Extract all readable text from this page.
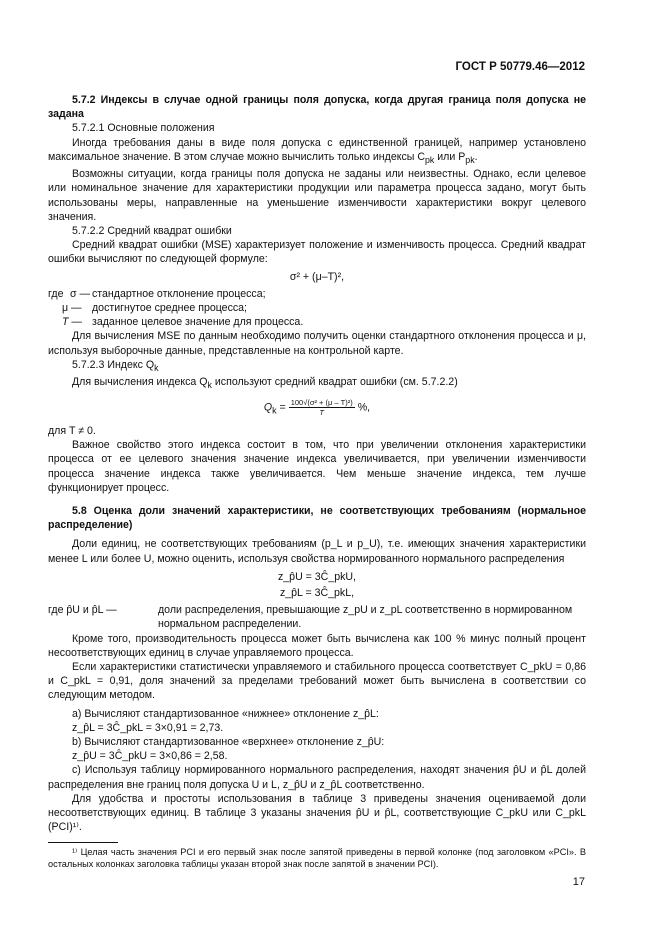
ГОСТ Р 50779.46—2012

5.7.2 Индексы в случае одной границы поля допуска, когда другая граница поля допуска не задана

5.7.2.1 Основные положения

Иногда требования даны в виде поля допуска с единственной границей, например установлено максимальное значение. В этом случае можно вычислить только индексы $C_{pk}$ или $P_{pk}$.

Возможны ситуации, когда границы поля допуска не заданы или неизвестны. Однако, если целевое или номинальное значение для характеристики продукции или параметра процесса задано, могут быть использованы меры, направленные на уменьшение изменчивости характеристики вокруг целевого значения.

5.7.2.2 Средний квадрат ошибки

Средний квадрат ошибки (MSE) характеризует положение и изменчивость процесса. Средний квадрат ошибки вычисляют по следующей формуле:

σ² + (μ–T)²,

где σ — стандартное отклонение процесса;
μ — достигнутое среднее процесса;
T — заданное целевое значение для процесса.

Для вычисления MSE по данным необходимо получить оценки стандартного отклонения процесса и μ, используя выборочные данные, представленные на контрольной карте.

5.7.2.3 Индекс $Q_k$

Для вычисления индекса $Q_k$ используют средний квадрат ошибки (см. 5.7.2.2)

$Q_k = \frac{\text{100√(σ² + (μ – T)²)}}{T}$ %,

для T ≠ 0.

Важное свойство этого индекса состоит в том, что при увеличении отклонения характеристики процесса от ее целевого значения значение индекса увеличивается, при увеличении изменчивости процесса значение индекса также увеличивается. Чем меньше значение индекса, тем лучше функционирует процесс.

5.8 Оценка доли значений характеристики, не соответствующих требованиям (нормальное распределение)

Доли единиц, не соответствующих требованиям (p_L и p_U), т.е. имеющих значения характеристики менее L или более U, можно оценить, используя свойства нормированного нормального распределения

z_p̂U = 3Ĉ_pkU,

z_p̂L = 3Ĉ_pkL,

где p̂U и p̂L —	доли распределения, превышающие z_pU и z_pL соответственно в нормированном нормальном распределении.

Кроме того, производительность процесса может быть вычислена как 100 % минус полный процент несоответствующих единиц в случае управляемого процесса.

Если характеристики статистически управляемого и стабильного процесса соответствует C_pkU = 0,86 и C_pkL = 0,91, доля значений за пределами требований может быть вычислена в соответствии со следующим методом.

а) Вычисляют стандартизованное «нижнее» отклонение z_p̂L:

z_p̂L = 3Ĉ_pkL = 3×0,91 = 2,73.

b) Вычисляют стандартизованное «верхнее» отклонение z_p̂U:

z_p̂U = 3Ĉ_pkU = 3×0,86 = 2,58.

с) Используя таблицу нормированного нормального распределения, находят значения p̂U и p̂L долей распределения вне границ поля допуска U и L, z_p̂U и z_p̂L соответственно.

Для удобства и простоты использования в таблице 3 приведены значения оцениваемой доли несоответствующих единиц. В таблице 3 указаны значения p̂U и p̂L, соответствующие C_pkU или C_pkL (PCI)¹⁾.

¹⁾ Целая часть значения PCI и его первый знак после запятой приведены в первой колонке (под заголовком «PCI». В остальных колонках заголовка таблицы указан второй знак после запятой в значении PCI).

17
